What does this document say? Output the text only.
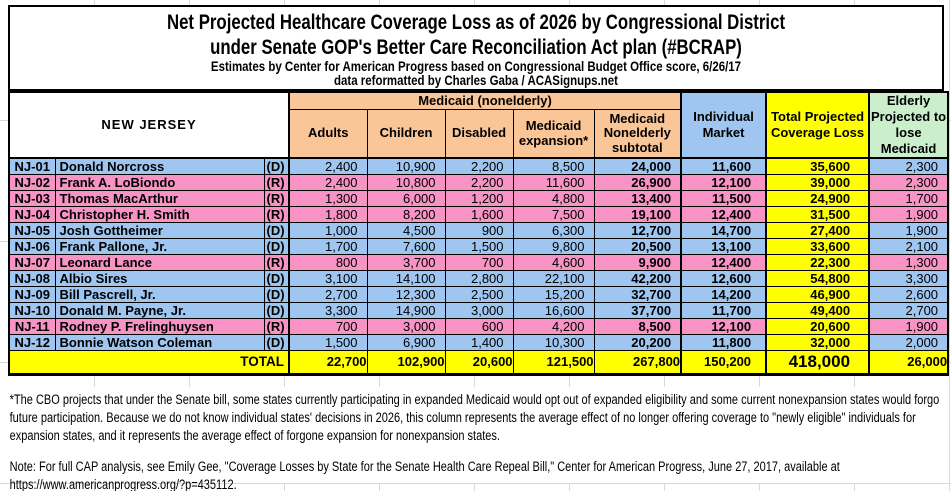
Net Projected Healthcare Coverage Loss as of 2026 by Congressional District
under Senate GOP's Better Care Reconciliation Act plan (#BCRAP)
Estimates by Center for American Progress based on Congressional Budget Office score, 6/26/17
data reformatted by Charles Gaba / ACASignups.net
NEW JERSEY			Medicaid (nonelderly)					Individual Market	Total Projected Coverage Loss	Elderly Projected to lose Medicaid
			Adults	Children	Disabled	Medicaid expansion*	Medicaid Nonelderly subtotal			
NJ-01	Donald Norcross	(D)	2,400	10,900	2,200	8,500	24,000	11,600	35,600	2,300
NJ-02	Frank A. LoBiondo	(R)	2,400	10,800	2,200	11,600	26,900	12,100	39,000	2,300
NJ-03	Thomas MacArthur	(R)	1,300	6,000	1,200	4,800	13,400	11,500	24,900	1,700
NJ-04	Christopher H. Smith	(R)	1,800	8,200	1,600	7,500	19,100	12,400	31,500	1,900
NJ-05	Josh Gottheimer	(D)	1,000	4,500	900	6,300	12,700	14,700	27,400	1,900
NJ-06	Frank Pallone, Jr.	(D)	1,700	7,600	1,500	9,800	20,500	13,100	33,600	2,100
NJ-07	Leonard Lance	(R)	800	3,700	700	4,600	9,900	12,400	22,300	1,300
NJ-08	Albio Sires	(D)	3,100	14,100	2,800	22,100	42,200	12,600	54,800	3,300
NJ-09	Bill Pascrell, Jr.	(D)	2,700	12,300	2,500	15,200	32,700	14,200	46,900	2,600
NJ-10	Donald M. Payne, Jr.	(D)	3,300	14,900	3,000	16,600	37,700	11,700	49,400	2,700
NJ-11	Rodney P. Frelinghuysen	(R)	700	3,000	600	4,200	8,500	12,100	20,600	1,900
NJ-12	Bonnie Watson Coleman	(D)	1,500	6,900	1,400	10,300	20,200	11,800	32,000	2,000
TOTAL			22,700	102,900	20,600	121,500	267,800	150,200	418,000	26,000

*The CBO projects that under the Senate bill, some states currently participating in expanded Medicaid would opt out of expanded eligibility and some current nonexpansion states would forgo future participation. Because we do not know individual states' decisions in 2026, this column represents the average effect of no longer offering coverage to "newly eligible" individuals for expansion states, and it represents the average effect of forgone expansion for nonexpansion states.

Note: For full CAP analysis, see Emily Gee, "Coverage Losses by State for the Senate Health Care Repeal Bill," Center for American Progress, June 27, 2017, available at https://www.americanprogress.org/?p=435112.
